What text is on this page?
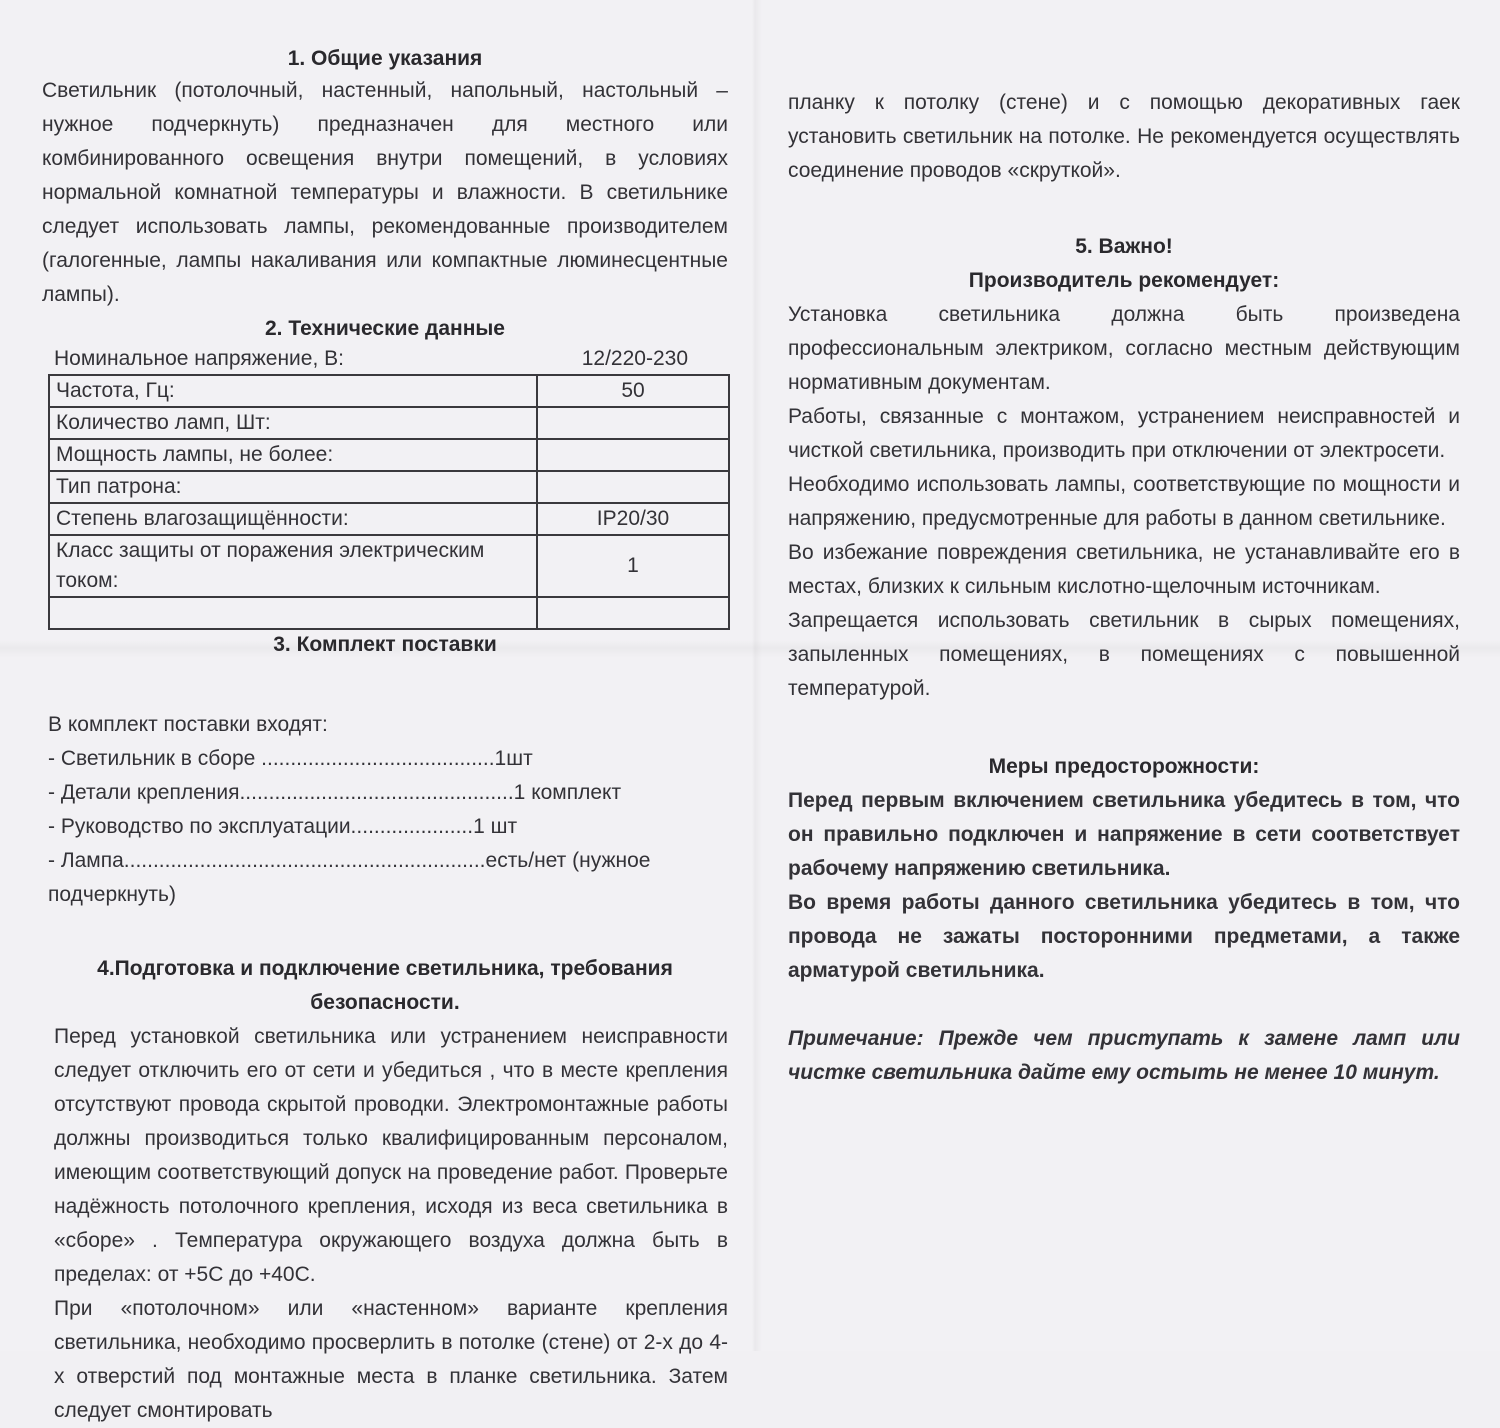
1. Общие указания

Светильник (потолочный, настенный, напольный, настольный – нужное подчеркнуть) предназначен для местного или комбинированного освещения внутри помещений, в условиях нормальной комнатной температуры и влажности. В светильнике следует использовать лампы, рекомендованные производителем (галогенные, лампы накаливания или компактные люминесцентные лампы).

2. Технические данные
Номинальное напряжение, В:	12/220-230
Частота, Гц:	50
Количество ламп, Шт:	
Мощность лампы, не более:	
Тип патрона:	
Степень влагозащищённости:	IP20/30
Класс защиты от поражения электрическим током:	1

3. Комплект поставки
В комплект поставки входят:
- Светильник в сборе ........................................1шт
- Детали крепления...............................................1 комплект
- Руководство по эксплуатации.....................1 шт
- Лампа..............................................................есть/нет (нужное подчеркнуть)
4.Подготовка и подключение светильника, требования
безопасности.

Перед установкой светильника или устранением неисправности следует отключить его от сети и убедиться , что в месте крепления отсутствуют провода скрытой проводки. Электромонтажные работы должны производиться только квалифицированным персоналом, имеющим соответствующий допуск на проведение работ. Проверьте надёжность потолочного крепления, исходя из веса светильника в «сборе» . Температура окружающего воздуха должна быть в пределах: от +5С до +40С.

При «потолочном» или «настенном» варианте крепления светильника, необходимо просверлить в потолке (стене) от 2-х до 4-х отверстий под монтажные места в планке светильника. Затем следует смонтировать

планку к потолку (стене) и с помощью декоративных гаек установить светильник на потолке. Не рекомендуется осуществлять соединение проводов «скруткой».

5. Важно!
Производитель рекомендует:

Установка светильника должна быть произведена профессиональным электриком, согласно местным действующим нормативным документам.

Работы, связанные с монтажом, устранением неисправностей и чисткой светильника, производить при отключении от электросети.

Необходимо использовать лампы, соответствующие по мощности и напряжению, предусмотренные для работы в данном светильнике.

Во избежание повреждения светильника, не устанавливайте его в местах, близких к сильным кислотно-щелочным источникам.

Запрещается использовать светильник в сырых помещениях, запыленных помещениях, в помещениях с повышенной температурой.

Меры предосторожности:

Перед первым включением светильника убедитесь в том, что он правильно подключен и напряжение в сети соответствует рабочему напряжению светильника.

Во время работы данного светильника убедитесь в том, что провода не зажаты посторонними предметами, а также арматурой светильника.

Примечание: Прежде чем приступать к замене ламп или чистке светильника дайте ему остыть не менее 10 минут.
